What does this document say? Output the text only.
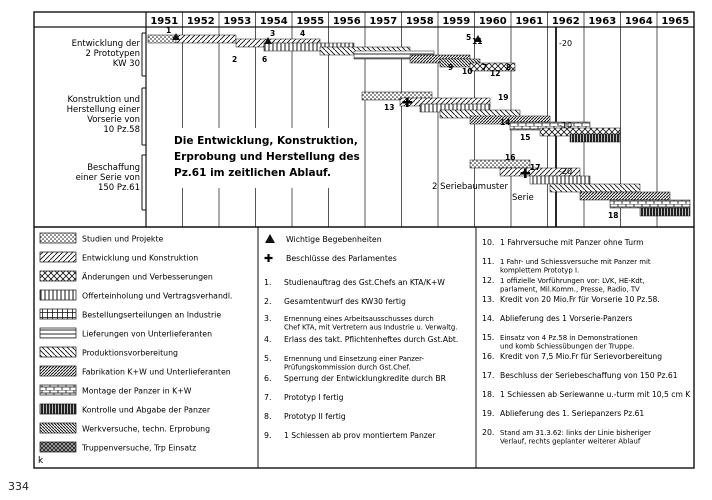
1951 1952 1953 1954 1955 1956 1957 1958 1959 1960 1961 1962 1963 1964 1965
Entwicklung der
2 Prototypen
KW 30
Konstruktion und
Herstellung einer
Vorserie von
10 Pz.58
Beschaffung
einer Serie von
150 Pz.61
✚
✚
Die Entwicklung, Konstruktion,
Erprobung und Herstellung des
Pz.61 im zeitlichen Ablauf.
-20
-10
-20
2 Seriebaumuster
Serie
1
2
3	4	5
6
7	8
9 10
11
12
13
14
15
16
17
18
19
Studien und Projekte
Entwicklung und Konstruktion
Änderungen und Verbesserungen
Offerteinholung und Vertragsverhandl.
Bestellungserteilungen an Industrie
Lieferungen von Unterlieferanten
Produktionsvorbereitung
Fabrikation K+W und Unterlieferanten
Montage der Panzer in K+W
Kontrolle und Abgabe der Panzer
Werkversuche, techn. Erprobung
Truppenversuche, Trp Einsatz
Wichtige Begebenheiten
✚ Beschlüsse des Parlamentes
1. Studienauftrag des Gst.Chefs an KTA/K+W
2. Gesamtentwurf des KW30 fertig
3. Ernennung eines Arbeitsausschusses durch
Chef KTA, mit Vertretern aus Industrie u. Verwaltg.
4. Erlass des takt. Pflichtenheftes durch Gst.Abt.
5. Ernennung und Einsetzung einer Panzer-
Prüfungskommission durch Gst.Chef.
6. Sperrung der Entwicklungkredite durch BR
7. Prototyp I fertig
8. Prototyp II fertig
9. 1 Schiessen ab prov montiertem Panzer
10. 1 Fahrversuche mit Panzer ohne Turm
11. 1 Fahr- und Schiessversuche mit Panzer mit
komplettem Prototyp I.
12. 1 offizielle Vorführungen vor: LVK, HE-Kdt,
parlament, Mil.Komm., Presse, Radio, TV
13. Kredit von 20 Mio.Fr für Vorserie 10 Pz.58.
14. Ablieferung des 1 Vorserie-Panzers
15. Einsatz von 4 Pz.58 in Demonstrationen
und komb Schiessübungen der Truppe.
16. Kredit von 7,5 Mio.Fr für Serievorbereitung
17. Beschluss der Seriebeschaffung von 150 Pz.61
18. 1 Schiessen ab Seriewanne u.-turm mit 10,5 cm K
19. Ablieferung des 1. Seriepanzers Pz.61
20. Stand am 31.3.62: links der Linie bisheriger
Verlauf, rechts geplanter weiterer Ablauf
k
334
